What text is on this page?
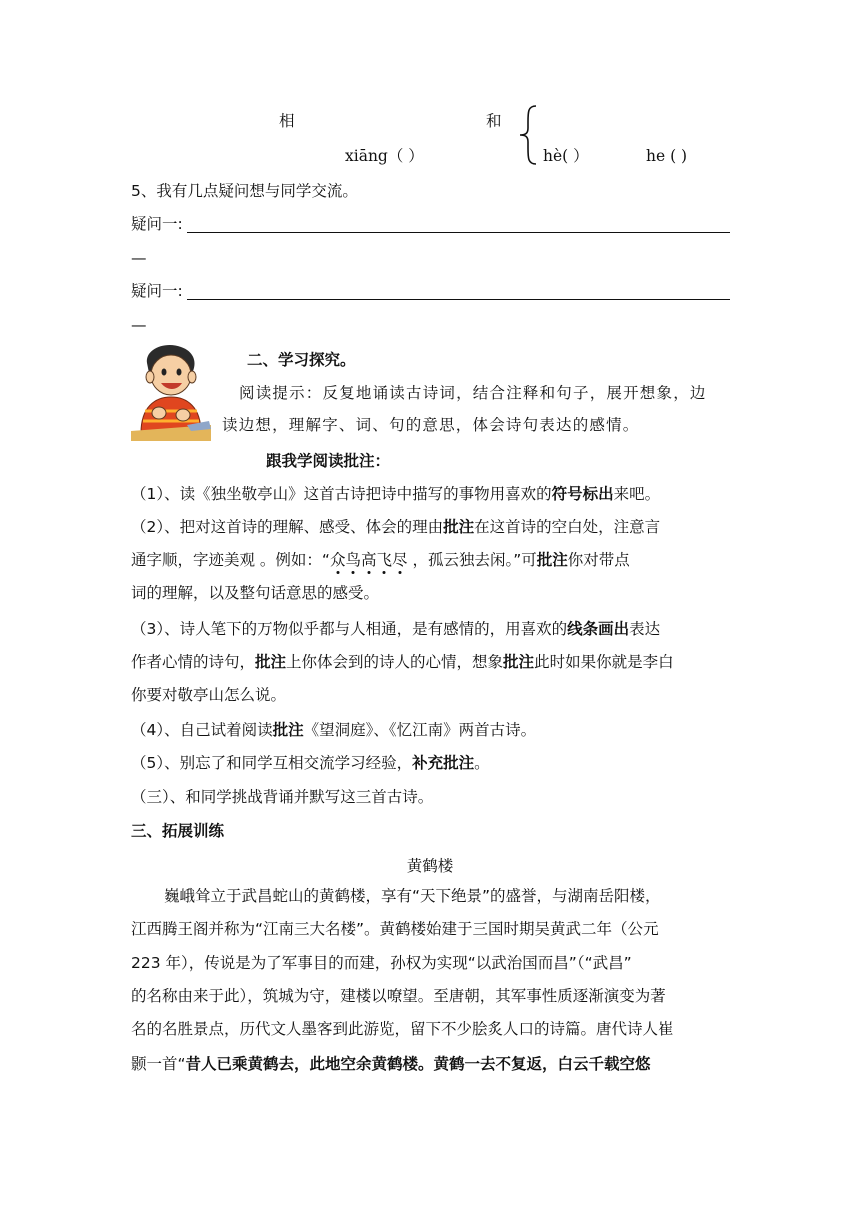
相	和
xiāng（ ）	hè( ）	he ( )
5、我有几点疑问想与同学交流。
疑问一:
—
疑问一:
—
二、学习探究。
阅读提示：反复地诵读古诗词，结合注释和句子，展开想象，边
读边想，理解字、词、句的意思，体会诗句表达的感情。
跟我学阅读批注：
（1）、读《独坐敬亭山》这首古诗把诗中描写的事物用喜欢的符号标出来吧。
（2）、把对这首诗的理解、感受、体会的理由批注在这首诗的空白处，注意言
通字顺，字迹美观 。例如：“众鸟高飞尽 ，孤云独去闲。”可批注你对带点
词的理解，以及整句话意思的感受。
（3）、诗人笔下的万物似乎都与人相通，是有感情的，用喜欢的线条画出表达
作者心情的诗句，批注上你体会到的诗人的心情，想象批注此时如果你就是李白
你要对敬亭山怎么说。
（4）、自己试着阅读批注《望洞庭》、《忆江南》两首古诗。
（5）、别忘了和同学互相交流学习经验，补充批注。
（三）、和同学挑战背诵并默写这三首古诗。
三、拓展训练
黄鹤楼
巍峨耸立于武昌蛇山的黄鹤楼，享有“天下绝景”的盛誉，与湖南岳阳楼，
江西腾王阁并称为“江南三大名楼”。黄鹤楼始建于三国时期吴黄武二年（公元
223 年），传说是为了军事目的而建，孙权为实现“以武治国而昌”（“武昌”
的名称由来于此），筑城为守，建楼以嘹望。至唐朝，其军事性质逐渐演变为著
名的名胜景点，历代文人墨客到此游览，留下不少脍炙人口的诗篇。唐代诗人崔
颢一首“昔人已乘黄鹤去，此地空余黄鹤楼。黄鹤一去不复返，白云千载空悠
